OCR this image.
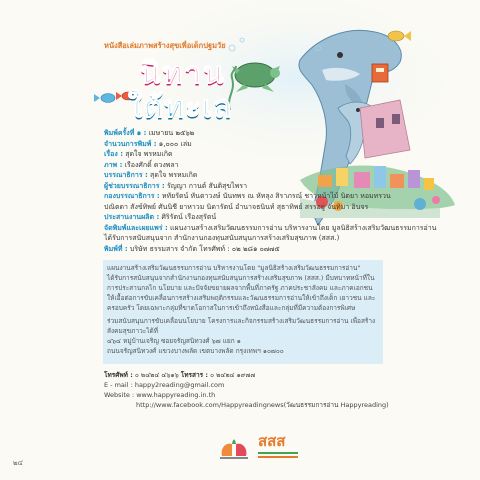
หนังสือเล่มภาพสร้างสุขเพื่อเด็กปฐมวัย
นิทาน
ใต้ทะเล
พิมพ์ครั้งที่ ๑ : เมษายน ๒๕๖๒
จำนวนการพิมพ์ : ๑,๐๐๐ เล่ม
เรื่อง : สุดใจ พรหมเกิด
ภาพ : เรืองศักดิ์ ดวงพลา
บรรณาธิการ : สุดใจ พรหมเกิด
ผู้ช่วยบรรณาธิการ : รัญญา กานต์ สันติสุขไพรา
กองบรรณาธิการ : หทัยรัตน์ หันตาวงษ์ นันทพร ณ หัทลุง สิราภรณ์ ชาวหน้าไม้ นิตยา หอมทรวน
ปณิตดา สังข์ทิพย์ ศันนิชี ยาหาวม นิดารัตน์ อำนาจธนินท์ สุธาทิพย์ สรรอยู่ จันทิมา อินจร
ประสานงานผลิต : ศิริรัตน์ เรืองสุรัตน์
จัดพิมพ์และเผยแพร่ : แผนงานสร้างเสริมวัฒนธรรมการอ่าน บริหารงานโดย มูลนิธิสร้างเสริมวัฒนธรรมการอ่าน
ได้รับการสนับสนุนจาก สำนักงานกองทุนสนับสนุนการสร้างเสริมสุขภาพ (สสส.)
พิมพ์ที่ : บริษัท ธรรมสาร จำกัด โทรศัพท์ : ๐๒ ๒๘๑ ๐๗๗๕

แผนงานสร้างเสริมวัฒนธรรมการอ่าน บริหารงานโดย "มูลนิธิสร้างเสริมวัฒนธรรมการอ่าน"

ได้รับการสนับสนุนจากสำนักงานกองทุนสนับสนุนการสร้างเสริมสุขภาพ (สสส.) มีบทบาทหน้าที่ในการประสานกลไก นโยบาย และปัจจัยขยายผลจากพื้นที่ภาครัฐ ภาคประชาสังคม และภาคเอกชน ให้เอื้อต่อการขับเคลื่อนการสร้างเสริมพฤติกรรมและวัฒนธรรมการอ่านให้เข้าถึงเด็ก เยาวชน และครอบครัว โดยเฉพาะกลุ่มที่ขาดโอกาสในการเข้าถึงหนังสือและกลุ่มที่มีความต้องการพิเศษ

ร่วมสนับสนุนการขับเคลื่อนนโยบาย โครงการและกิจกรรมสร้างเสริมวัฒนธรรมการอ่าน เพื่อสร้างสังคมสุขภาวะได้ที่

๔๖๔ หมู่บ้านเจริญ ซอยจรัญสนิทวงศ์ ๖๗ แยก ๑

ถนนจรัญสนิทวงศ์ แขวงบางพลัด เขตบางพลัด กรุงเทพฯ ๑๐๗๐๐

โทรศัพท์ : ๐ ๒๔๒๔ ๔๖๑๖ โทรสาร : ๐ ๒๔๒๔ ๑๙๗๗
E - mail : happy2reading@gmail.com
Website : www.happyreading.in.th
http://www.facebook.com/Happyreadingnews(วัฒนธรรมการอ่าน Happyreading)
สสส
๒๔
